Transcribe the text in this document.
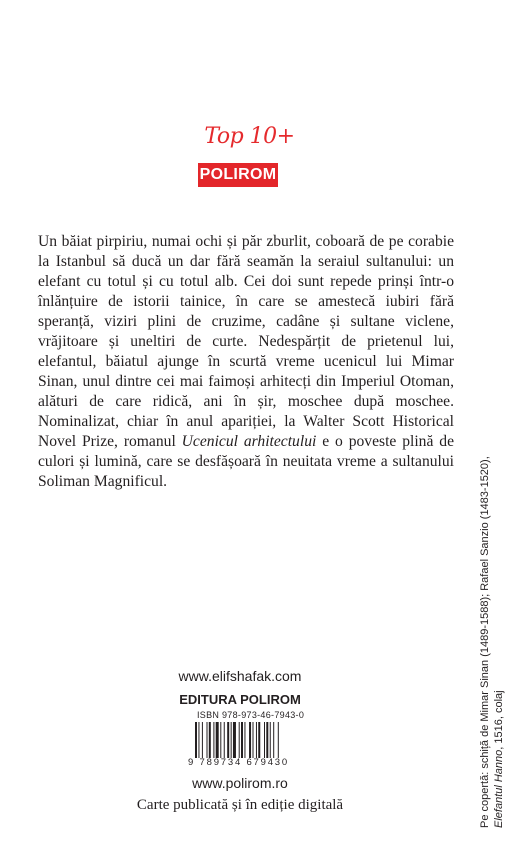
Top 10+
POLIROM

Un băiat pirpiriu, numai ochi și păr zburlit, coboară de pe corabie la Istanbul să ducă un dar fără seamăn la seraiul sultanului: un elefant cu totul și cu totul alb. Cei doi sunt repede prinși într-o înlănțuire de istorii tainice, în care se amestecă iubiri fără speranță, viziri plini de cruzime, cadâne și sultane viclene, vrăjitoare și uneltiri de curte. Nedespărțit de prietenul lui, elefantul, băiatul ajunge în scurtă vreme ucenicul lui Mimar Sinan, unul dintre cei mai faimoși arhitecți din Imperiul Otoman, alături de care ridică, ani în șir, moschee după moschee. Nominalizat, chiar în anul apariției, la Walter Scott Historical Novel Prize, romanul Ucenicul arhitectului e o poveste plină de culori și lumină, care se desfășoară în neuitata vreme a sultanului Soliman Magnificul.

www.elifshafak.com
EDITURA POLIROM
ISBN 978-973-46-7943-0
9 789734 679430
www.polirom.ro
Carte publicată și în ediție digitală	Pe copertă: schiță de Mimar Sinan (1489-1588); Rafael Sanzio (1483-1520), Elefantul Hanno, 1516, colaj
